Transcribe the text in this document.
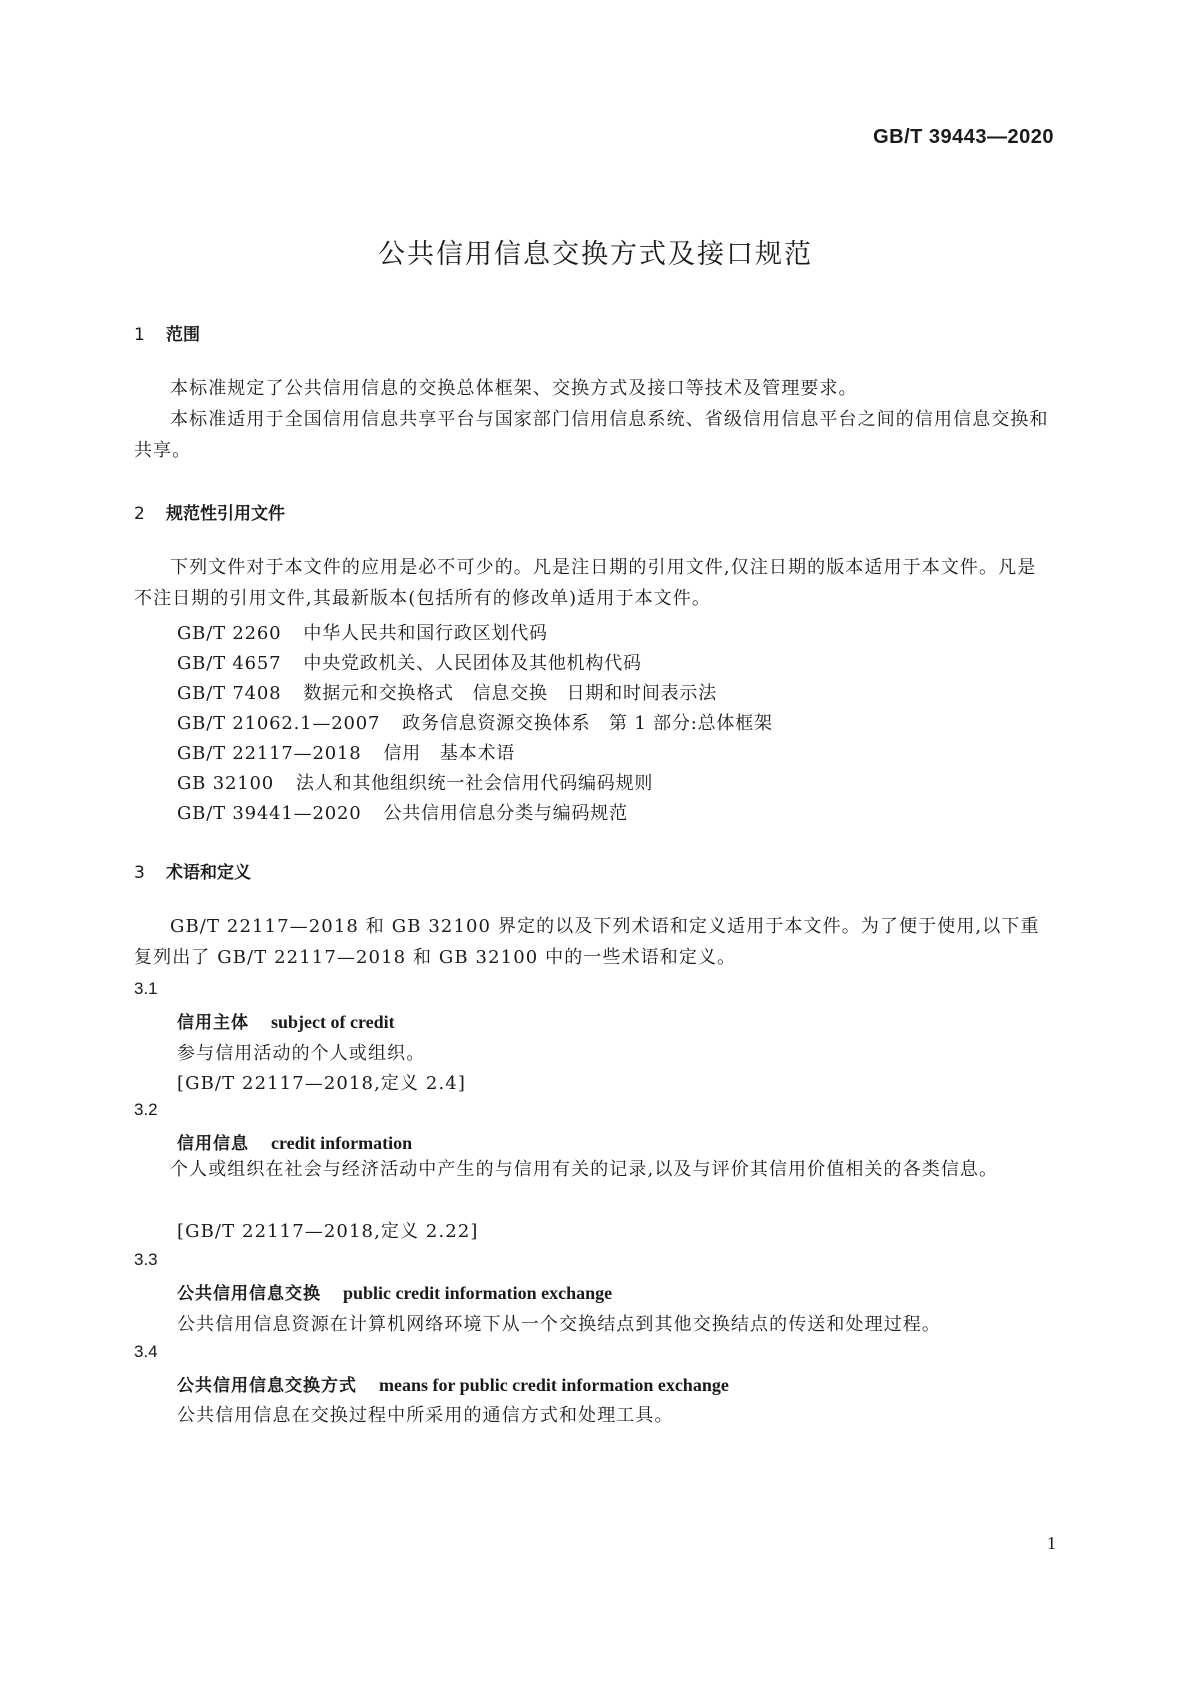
GB/T 39443—2020
公共信用信息交换方式及接口规范
1 范围
本标准规定了公共信用信息的交换总体框架、交换方式及接口等技术及管理要求。
本标准适用于全国信用信息共享平台与国家部门信用信息系统、省级信用信息平台之间的信用信息交换和共享。
2 规范性引用文件
下列文件对于本文件的应用是必不可少的。凡是注日期的引用文件,仅注日期的版本适用于本文件。凡是不注日期的引用文件,其最新版本(包括所有的修改单)适用于本文件。
GB/T 2260 中华人民共和国行政区划代码
GB/T 4657 中央党政机关、人民团体及其他机构代码
GB/T 7408 数据元和交换格式　信息交换　日期和时间表示法
GB/T 21062.1—2007 政务信息资源交换体系　第 1 部分:总体框架
GB/T 22117—2018 信用　基本术语
GB 32100 法人和其他组织统一社会信用代码编码规则
GB/T 39441—2020 公共信用信息分类与编码规范
3 术语和定义
GB/T 22117—2018 和 GB 32100 界定的以及下列术语和定义适用于本文件。为了便于使用,以下重复列出了 GB/T 22117—2018 和 GB 32100 中的一些术语和定义。
3.1
信用主体 subject of credit
参与信用活动的个人或组织。
[GB/T 22117—2018,定义 2.4]
3.2
信用信息 credit information
个人或组织在社会与经济活动中产生的与信用有关的记录,以及与评价其信用价值相关的各类信息。
[GB/T 22117—2018,定义 2.22]
3.3
公共信用信息交换 public credit information exchange
公共信用信息资源在计算机网络环境下从一个交换结点到其他交换结点的传送和处理过程。
3.4
公共信用信息交换方式 means for public credit information exchange
公共信用信息在交换过程中所采用的通信方式和处理工具。
1
